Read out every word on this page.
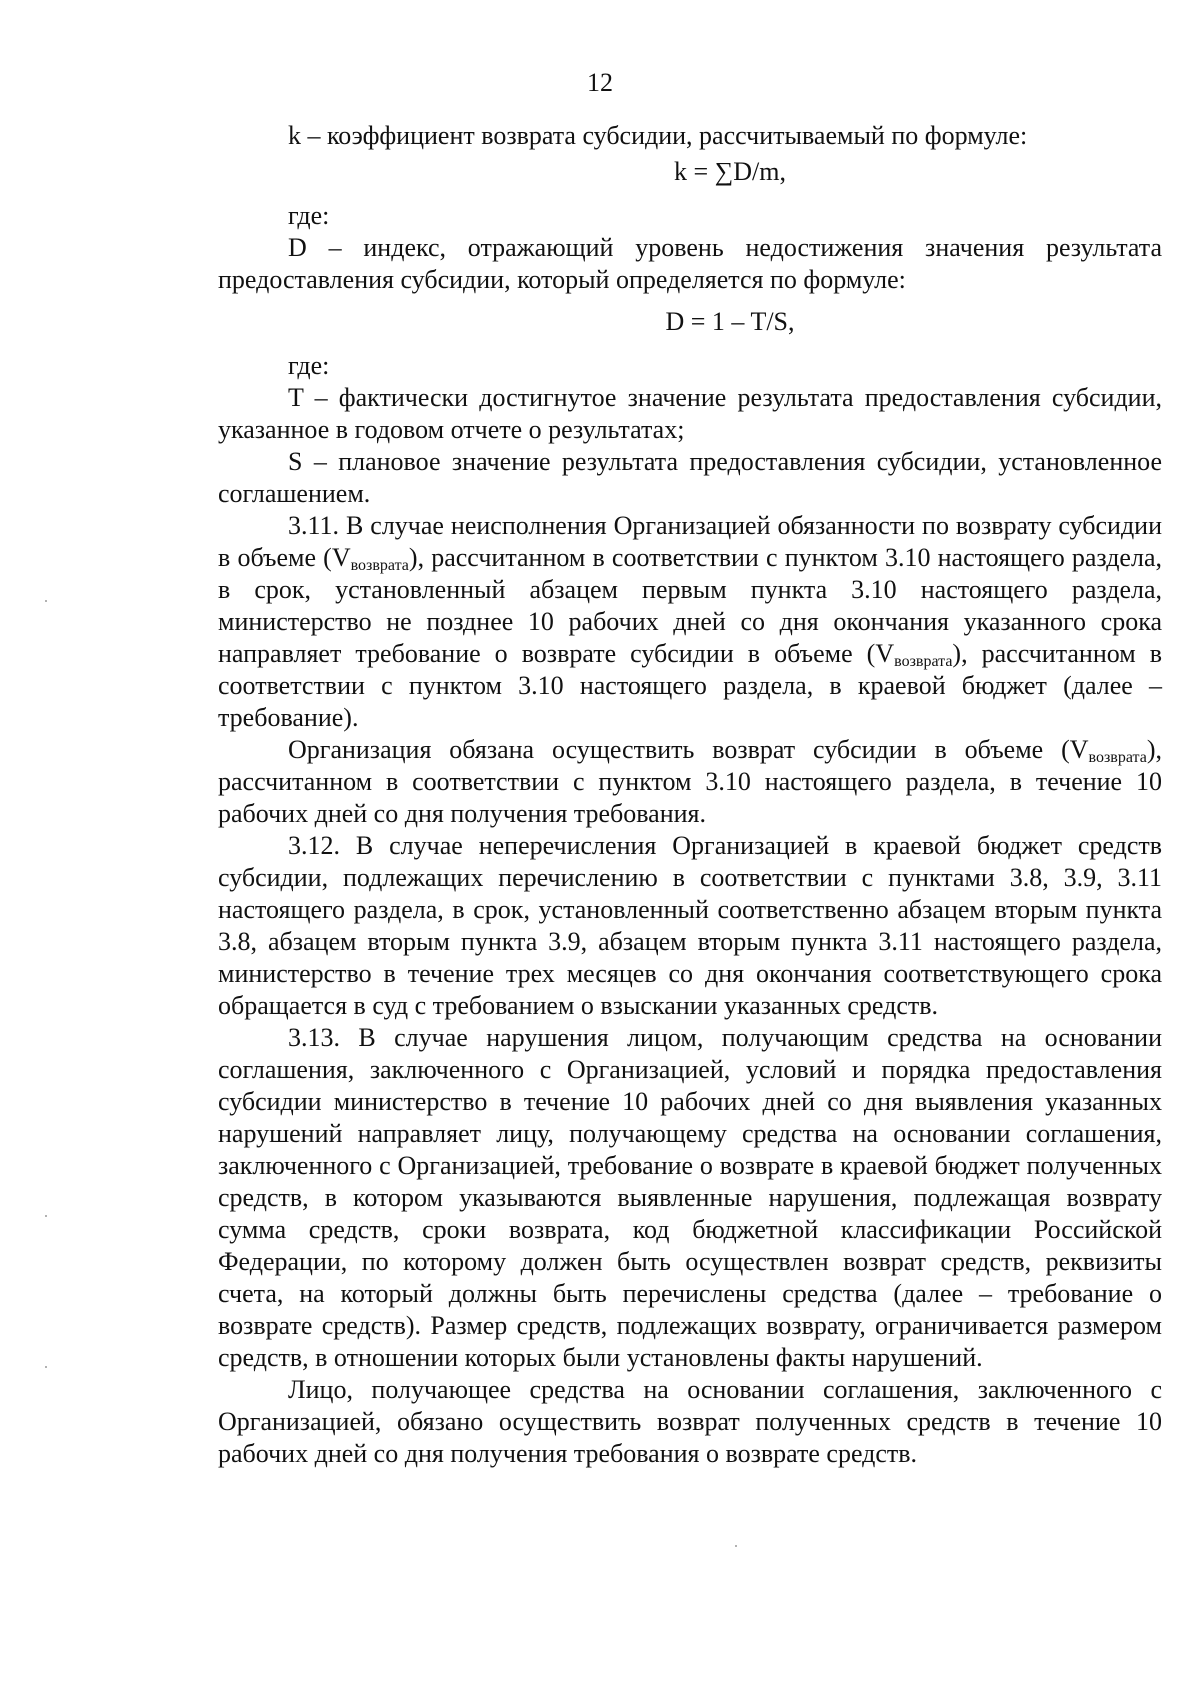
12

k – коэффициент возврата субсидии, рассчитываемый по формуле:

k = ∑D/m,

где:

D – индекс, отражающий уровень недостижения значения результата предоставления субсидии, который определяется по формуле:

D = 1 – T/S,

где:

T – фактически достигнутое значение результата предоставления субсидии, указанное в годовом отчете о результатах;

S – плановое значение результата предоставления субсидии, установленное соглашением.

3.11. В случае неисполнения Организацией обязанности по возврату субсидии в объеме $(V_{возврата})$, рассчитанном в соответствии с пунктом 3.10 настоящего раздела, в срок, установленный абзацем первым пункта 3.10 настоящего раздела, министерство не позднее 10 рабочих дней со дня окончания указанного срока направляет требование о возврате субсидии в объеме $(V_{возврата})$, рассчитанном в соответствии с пунктом 3.10 настоящего раздела, в краевой бюджет (далее – требование).

Организация обязана осуществить возврат субсидии в объеме $(V_{возврата})$, рассчитанном в соответствии с пунктом 3.10 настоящего раздела, в течение 10 рабочих дней со дня получения требования.

3.12. В случае неперечисления Организацией в краевой бюджет средств субсидии, подлежащих перечислению в соответствии с пунктами 3.8, 3.9, 3.11 настоящего раздела, в срок, установленный соответственно абзацем вторым пункта 3.8, абзацем вторым пункта 3.9, абзацем вторым пункта 3.11 настоящего раздела, министерство в течение трех месяцев со дня окончания соответствующего срока обращается в суд с требованием о взыскании указанных средств.

3.13. В случае нарушения лицом, получающим средства на основании соглашения, заключенного с Организацией, условий и порядка предоставления субсидии министерство в течение 10 рабочих дней со дня выявления указанных нарушений направляет лицу, получающему средства на основании соглашения, заключенного с Организацией, требование о возврате в краевой бюджет полученных средств, в котором указываются выявленные нарушения, подлежащая возврату сумма средств, сроки возврата, код бюджетной классификации Российской Федерации, по которому должен быть осуществлен возврат средств, реквизиты счета, на который должны быть перечислены средства (далее – требование о возврате средств). Размер средств, подлежащих возврату, ограничивается размером средств, в отношении которых были установлены факты нарушений.

Лицо, получающее средства на основании соглашения, заключенного с Организацией, обязано осуществить возврат полученных средств в течение 10 рабочих дней со дня получения требования о возврате средств.
